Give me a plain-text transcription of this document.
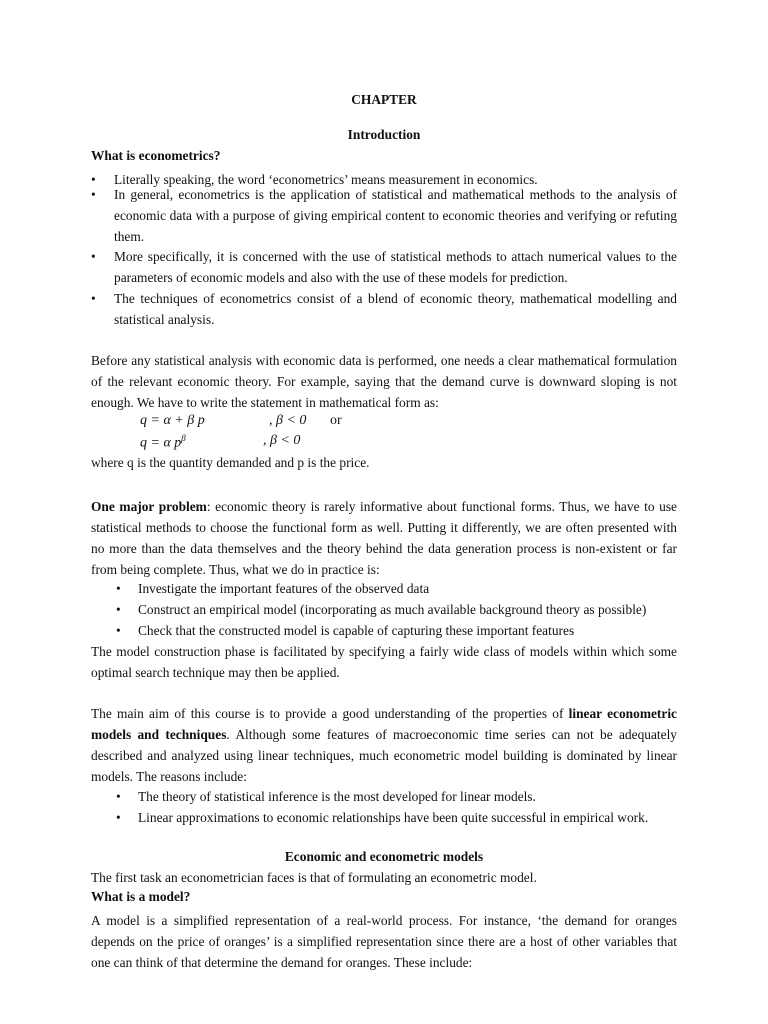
CHAPTER
Introduction
What is econometrics?
• Literally speaking, the word ‘econometrics’ means measurement in economics.
• In general, econometrics is the application of statistical and mathematical methods to the analysis of economic data with a purpose of giving empirical content to economic theories and verifying or refuting them.
• More specifically, it is concerned with the use of statistical methods to attach numerical values to the parameters of economic models and also with the use of these models for prediction.
• The techniques of econometrics consist of a blend of economic theory, mathematical modelling and statistical analysis.
Before any statistical analysis with economic data is performed, one needs a clear mathematical formulation of the relevant economic theory. For example, saying that the demand curve is downward sloping is not enough. We have to write the statement in mathematical form as:
q = α + β p	, β < 0 or
q = α $p^\beta$	, β < 0
where q is the quantity demanded and p is the price.
One major problem: economic theory is rarely informative about functional forms. Thus, we have to use statistical methods to choose the functional form as well. Putting it differently, we are often presented with no more than the data themselves and the theory behind the data generation process is non-existent or far from being complete. Thus, what we do in practice is:
• Investigate the important features of the observed data
• Construct an empirical model (incorporating as much available background theory as possible)
• Check that the constructed model is capable of capturing these important features
The model construction phase is facilitated by specifying a fairly wide class of models within which some optimal search technique may then be applied.
The main aim of this course is to provide a good understanding of the properties of linear econometric models and techniques. Although some features of macroeconomic time series can not be adequately described and analyzed using linear techniques, much econometric model building is dominated by linear models. The reasons include:
• The theory of statistical inference is the most developed for linear models.
• Linear approximations to economic relationships have been quite successful in empirical work.
Economic and econometric models
The first task an econometrician faces is that of formulating an econometric model.
What is a model?
A model is a simplified representation of a real-world process. For instance, ‘the demand for oranges depends on the price of oranges’ is a simplified representation since there are a host of other variables that one can think of that determine the demand for oranges. These include:
